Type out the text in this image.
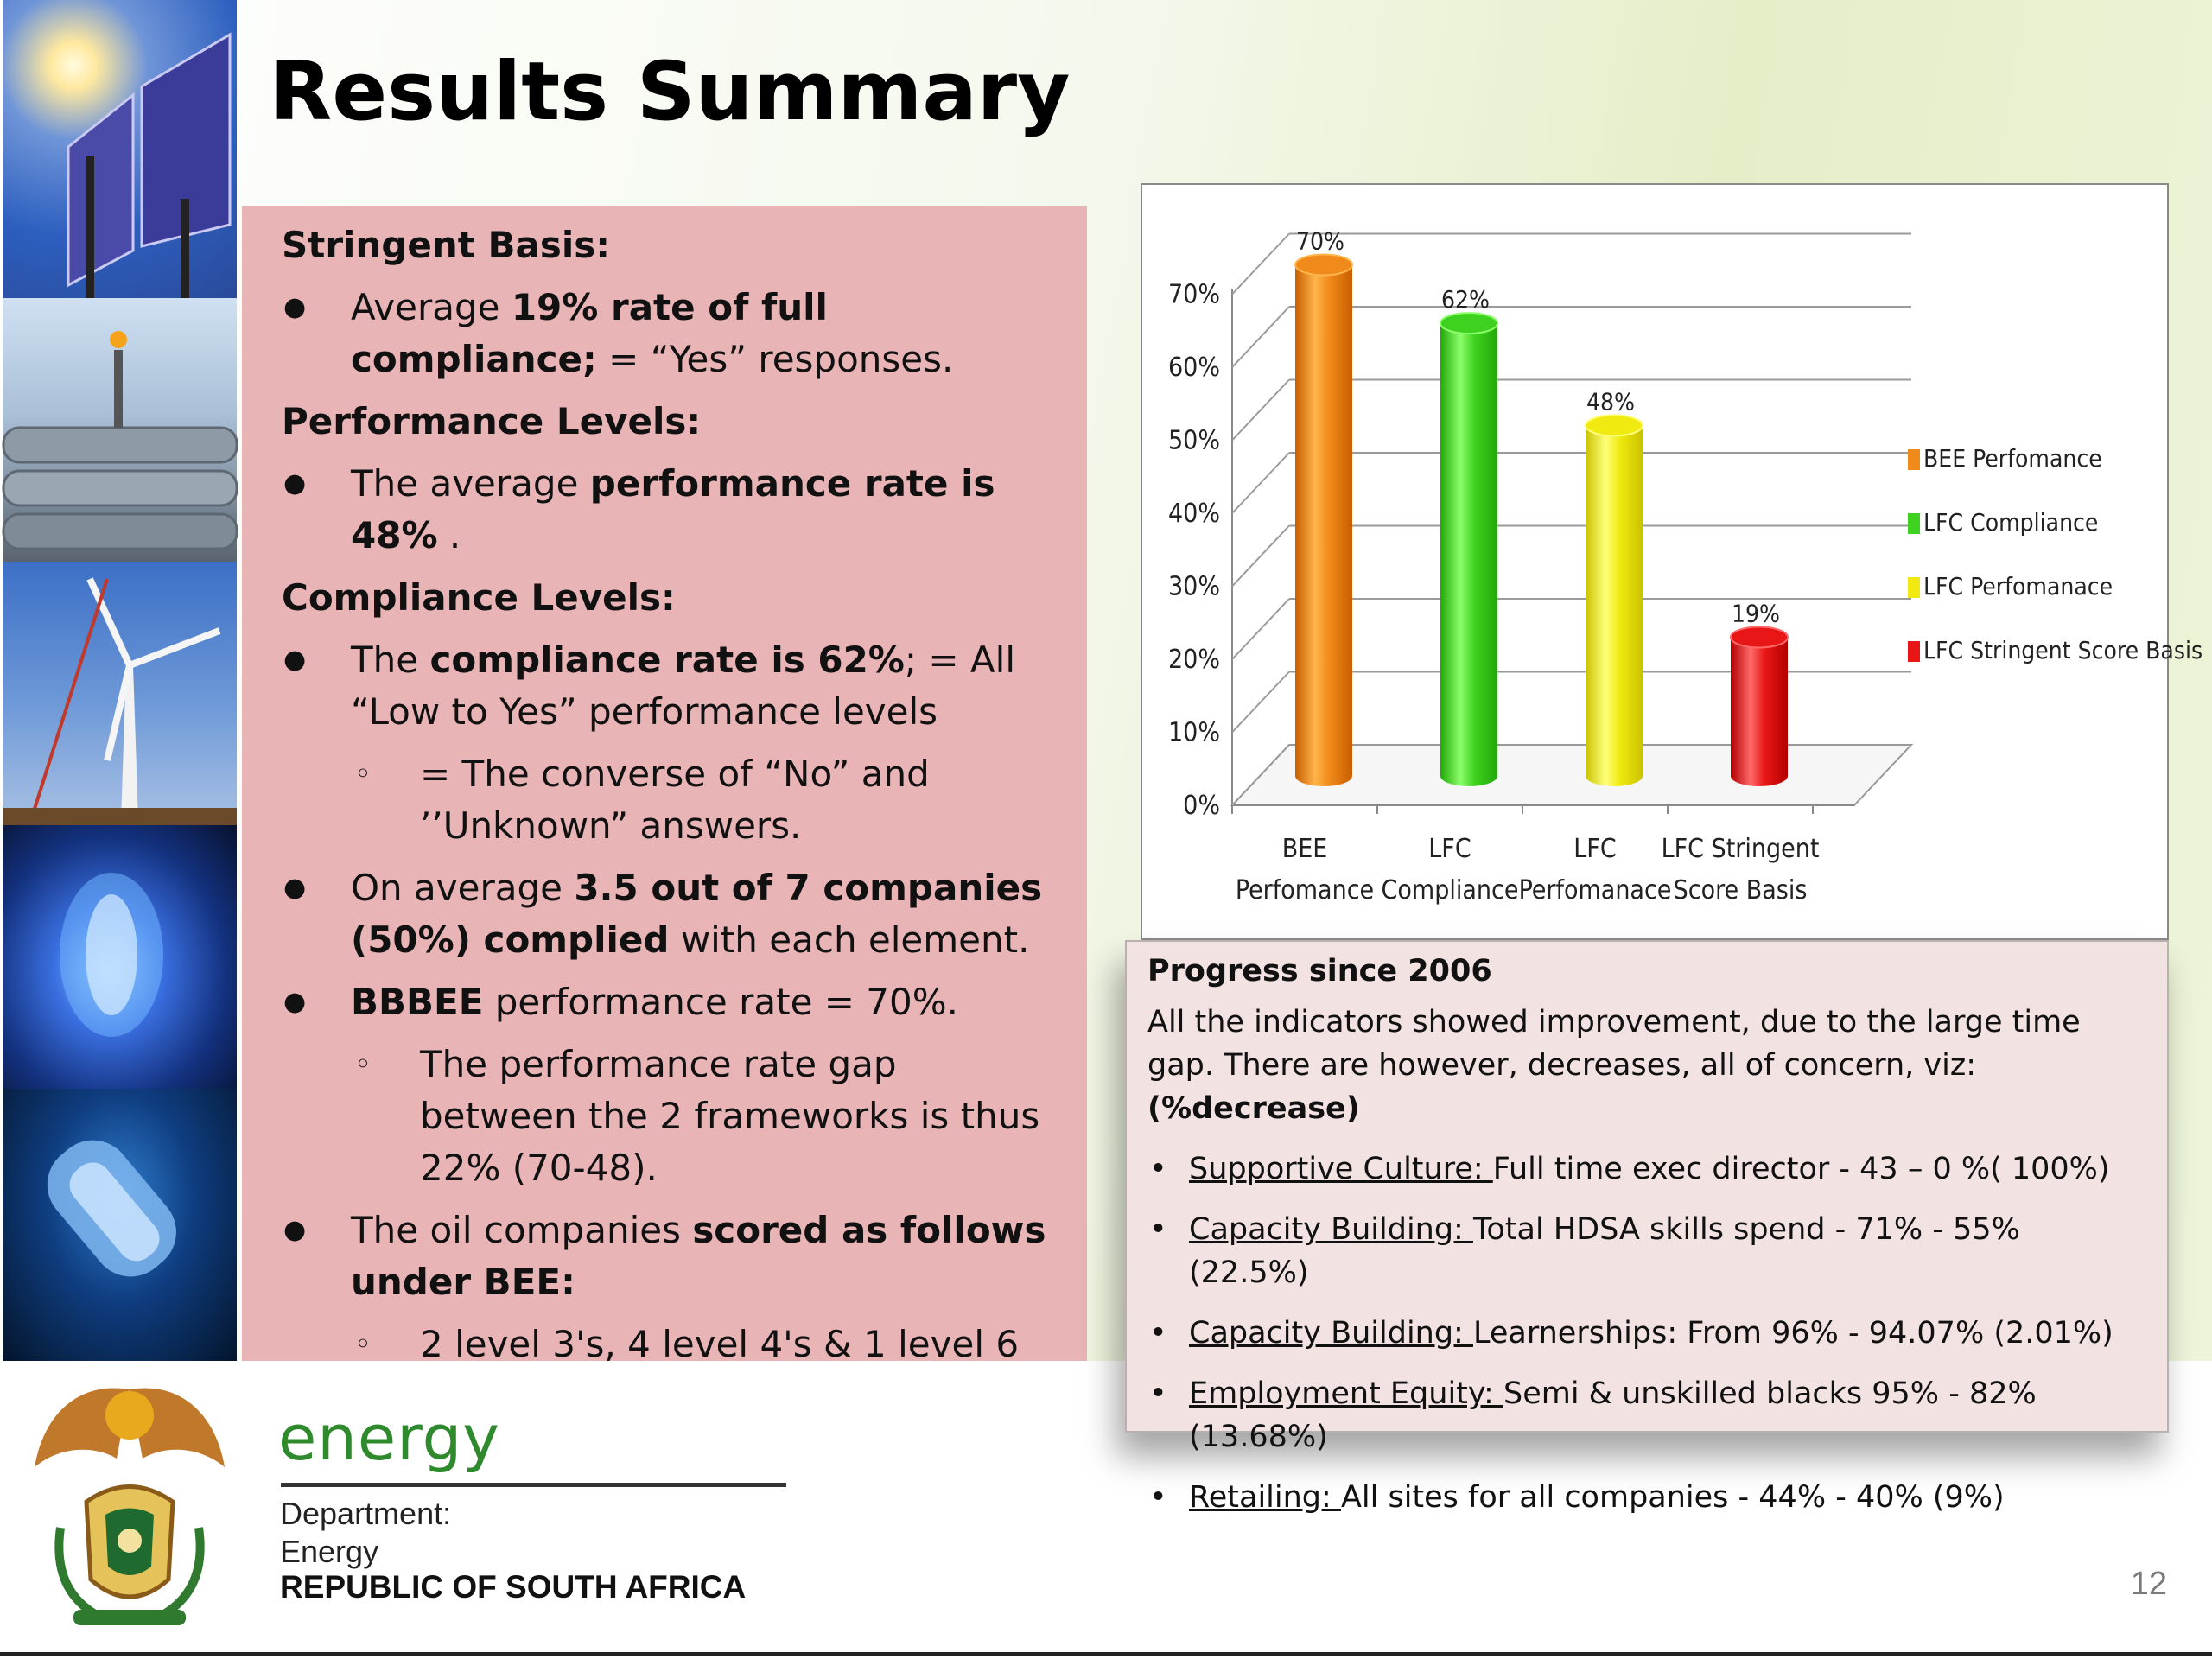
Results Summary

Stringent Basis:

● Average 19% rate of full compliance; = “Yes” responses.

Performance Levels:

● The average performance rate is 48% .

Compliance Levels:

● The compliance rate is 62%; = All “Low to Yes” performance levels

◦ = The converse of “No” and ’’Unknown” answers.

● On average 3.5 out of 7 companies (50%) complied with each element.

● BBBEE performance rate = 70%.

◦ The performance rate gap between the 2 frameworks is thus 22% (70-48).

● The oil companies scored as follows under BEE:

◦ 2 level 3's, 4 level 4's & 1 level 6

0%
10%
20%
30%
40%
50%
60%
70%
70%
BEE
Perfomance
62%
LFC
Compliance
48%
LFC
Perfomanace
19%
LFC Stringent
Score Basis
BEE Perfomance
LFC Compliance
LFC Perfomanace
LFC Stringent Score Basis

Progress since 2006

All the indicators showed improvement, due to the large time gap. There are however, decreases, all of concern, viz: (%decrease)

• Supportive Culture: Full time exec director - 43 – 0 %( 100%)
• Capacity Building: Total HDSA skills spend - 71% - 55% (22.5%)
• Capacity Building: Learnerships: From 96% - 94.07% (2.01%)
• Employment Equity: Semi & unskilled blacks 95% - 82% (13.68%)
• Retailing: All sites for all companies - 44% - 40% (9%)
energy
Department:
Energy
REPUBLIC OF SOUTH AFRICA	12
